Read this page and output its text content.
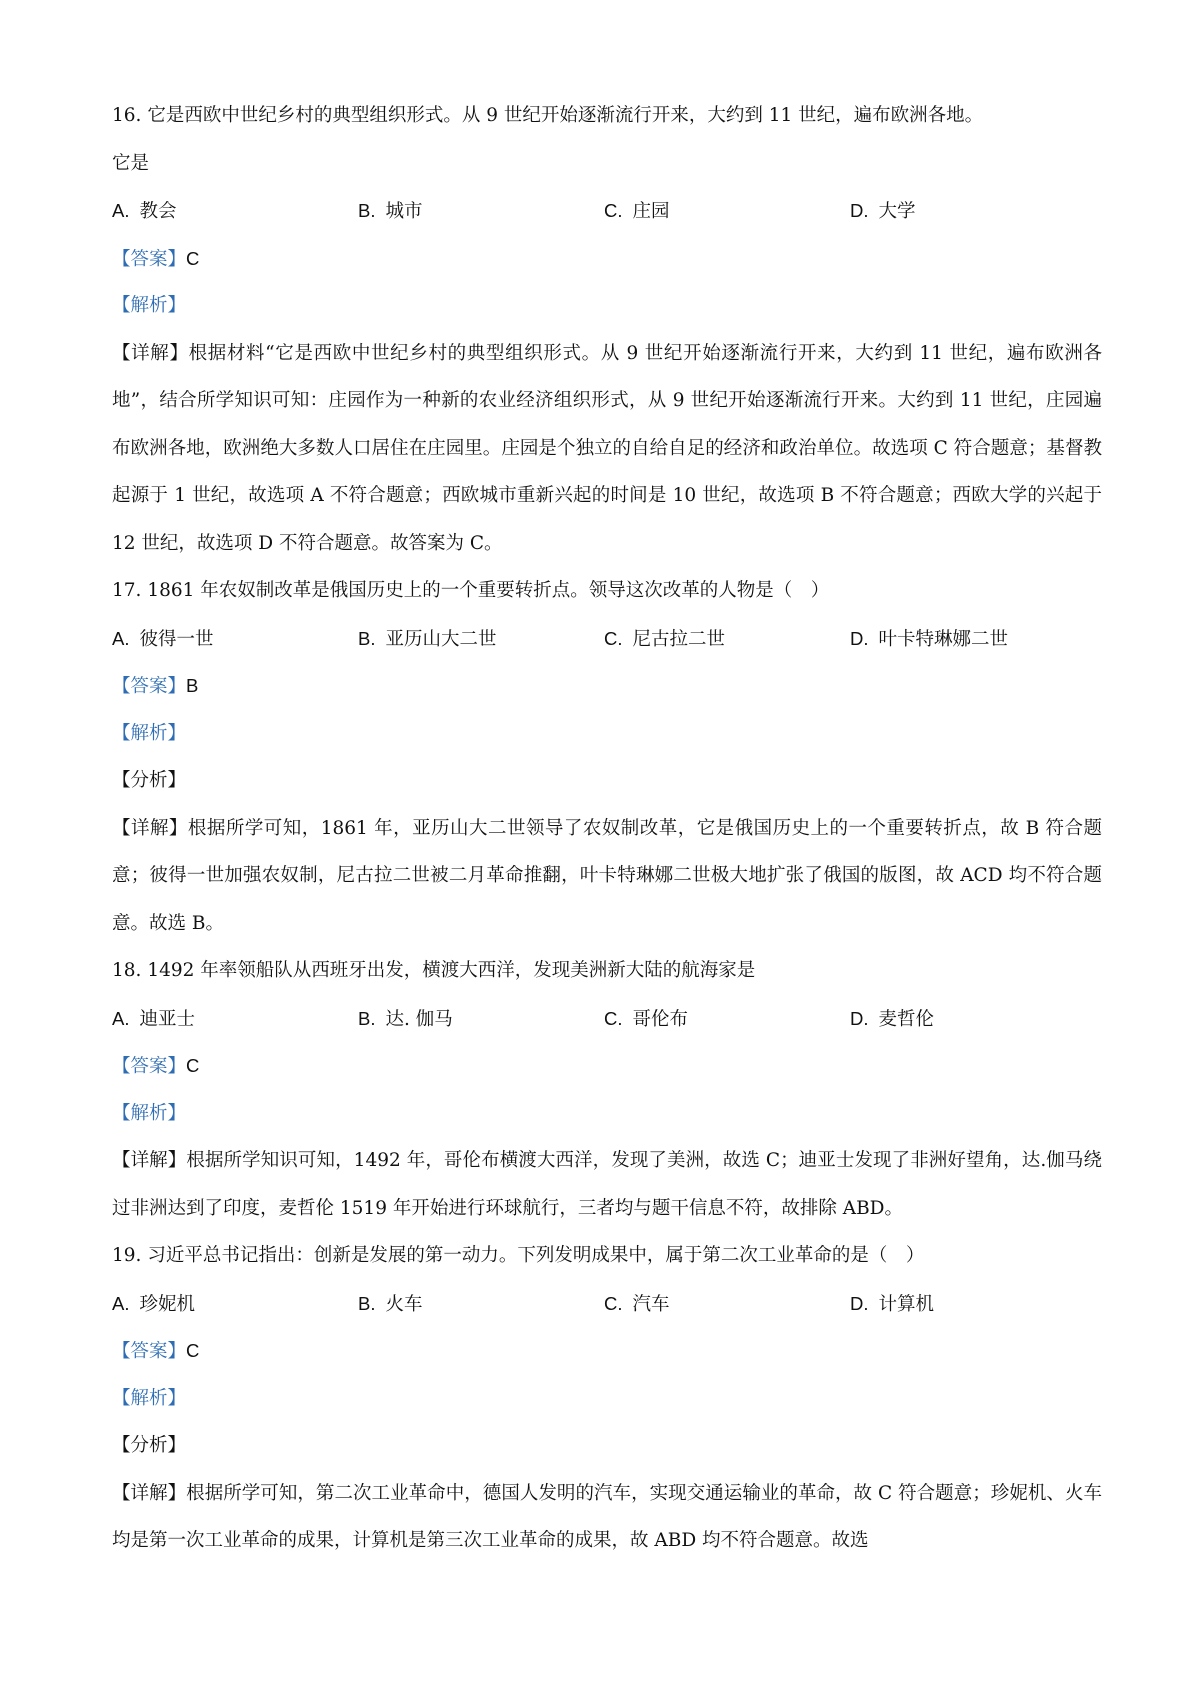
16. 它是西欧中世纪乡村的典型组织形式。从 9 世纪开始逐渐流行开来，大约到 11 世纪，遍布欧洲各地。
它是
A. 教会	B. 城市	C. 庄园	D. 大学
【答案】C
【解析】
【详解】根据材料“它是西欧中世纪乡村的典型组织形式。从 9 世纪开始逐渐流行开来，大约到 11 世纪，遍布欧洲各地”，结合所学知识可知：庄园作为一种新的农业经济组织形式，从 9 世纪开始逐渐流行开来。大约到 11 世纪，庄园遍布欧洲各地，欧洲绝大多数人口居住在庄园里。庄园是个独立的自给自足的经济和政治单位。故选项 C 符合题意；基督教起源于 1 世纪，故选项 A 不符合题意；西欧城市重新兴起的时间是 10 世纪，故选项 B 不符合题意；西欧大学的兴起于 12 世纪，故选项 D 不符合题意。故答案为 C。
17. 1861 年农奴制改革是俄国历史上的一个重要转折点。领导这次改革的人物是（　）
A. 彼得一世	B. 亚历山大二世	C. 尼古拉二世	D. 叶卡特琳娜二世
【答案】B
【解析】
【分析】
【详解】根据所学可知，1861 年，亚历山大二世领导了农奴制改革，它是俄国历史上的一个重要转折点，故 B 符合题意；彼得一世加强农奴制，尼古拉二世被二月革命推翻，叶卡特琳娜二世极大地扩张了俄国的版图，故 ACD 均不符合题意。故选 B。
18. 1492 年率领船队从西班牙出发，横渡大西洋，发现美洲新大陆的航海家是
A. 迪亚士	B. 达. 伽马	C. 哥伦布	D. 麦哲伦
【答案】C
【解析】
【详解】根据所学知识可知，1492 年，哥伦布横渡大西洋，发现了美洲，故选 C；迪亚士发现了非洲好望角，达.伽马绕过非洲达到了印度，麦哲伦 1519 年开始进行环球航行，三者均与题干信息不符，故排除 ABD。
19. 习近平总书记指出：创新是发展的第一动力。下列发明成果中，属于第二次工业革命的是（　）
A. 珍妮机	B. 火车	C. 汽车	D. 计算机
【答案】C
【解析】
【分析】
【详解】根据所学可知，第二次工业革命中，德国人发明的汽车，实现交通运输业的革命，故 C 符合题意；珍妮机、火车均是第一次工业革命的成果，计算机是第三次工业革命的成果，故 ABD 均不符合题意。故选
